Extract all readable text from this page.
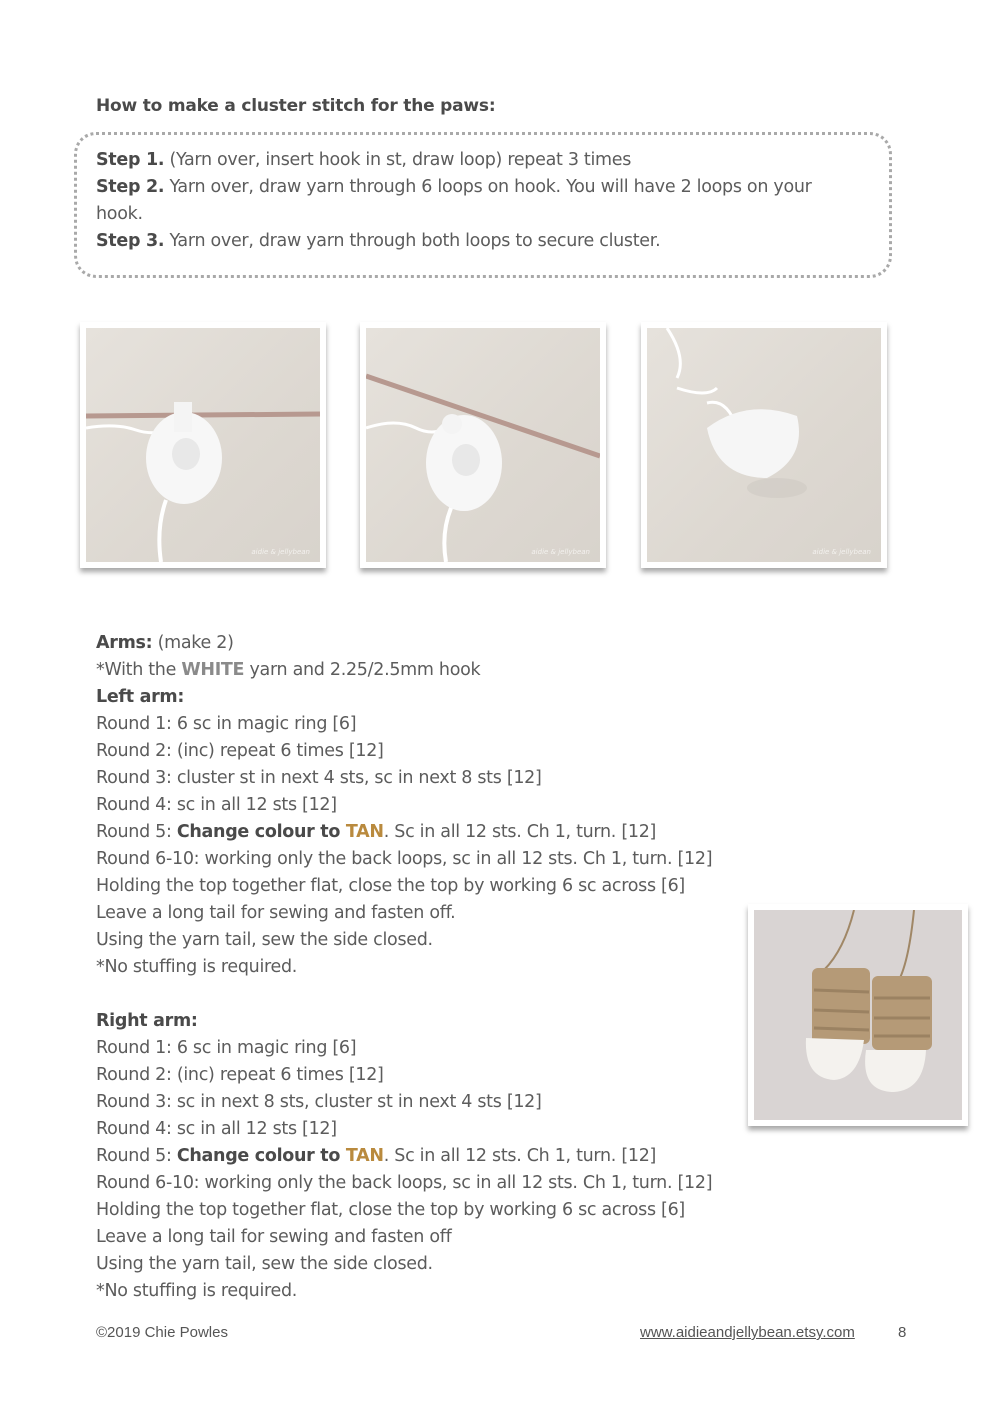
How to make a cluster stitch for the paws:
Step 1. (Yarn over, insert hook in st, draw loop) repeat 3 times
Step 2. Yarn over, draw yarn through 6 loops on hook. You will have 2 loops on your
hook.
Step 3. Yarn over, draw yarn through both loops to secure cluster.
aidie & jellybean	aidie & jellybean	aidie & jellybean
Arms: (make 2)
*With the WHITE yarn and 2.25/2.5mm hook
Left arm:
Round 1: 6 sc in magic ring [6]
Round 2: (inc) repeat 6 times [12]
Round 3: cluster st in next 4 sts, sc in next 8 sts [12]
Round 4: sc in all 12 sts [12]
Round 5: Change colour to TAN. Sc in all 12 sts. Ch 1, turn. [12]
Round 6-10: working only the back loops, sc in all 12 sts. Ch 1, turn. [12]
Holding the top together flat, close the top by working 6 sc across [6]
Leave a long tail for sewing and fasten off.
Using the yarn tail, sew the side closed.
*No stuffing is required.
Right arm:
Round 1: 6 sc in magic ring [6]
Round 2: (inc) repeat 6 times [12]
Round 3: sc in next 8 sts, cluster st in next 4 sts [12]
Round 4: sc in all 12 sts [12]
Round 5: Change colour to TAN. Sc in all 12 sts. Ch 1, turn. [12]
Round 6-10: working only the back loops, sc in all 12 sts. Ch 1, turn. [12]
Holding the top together flat, close the top by working 6 sc across [6]
Leave a long tail for sewing and fasten off
Using the yarn tail, sew the side closed.
*No stuffing is required.
©2019 Chie Powles	www.aidieandjellybean.etsy.com	8
